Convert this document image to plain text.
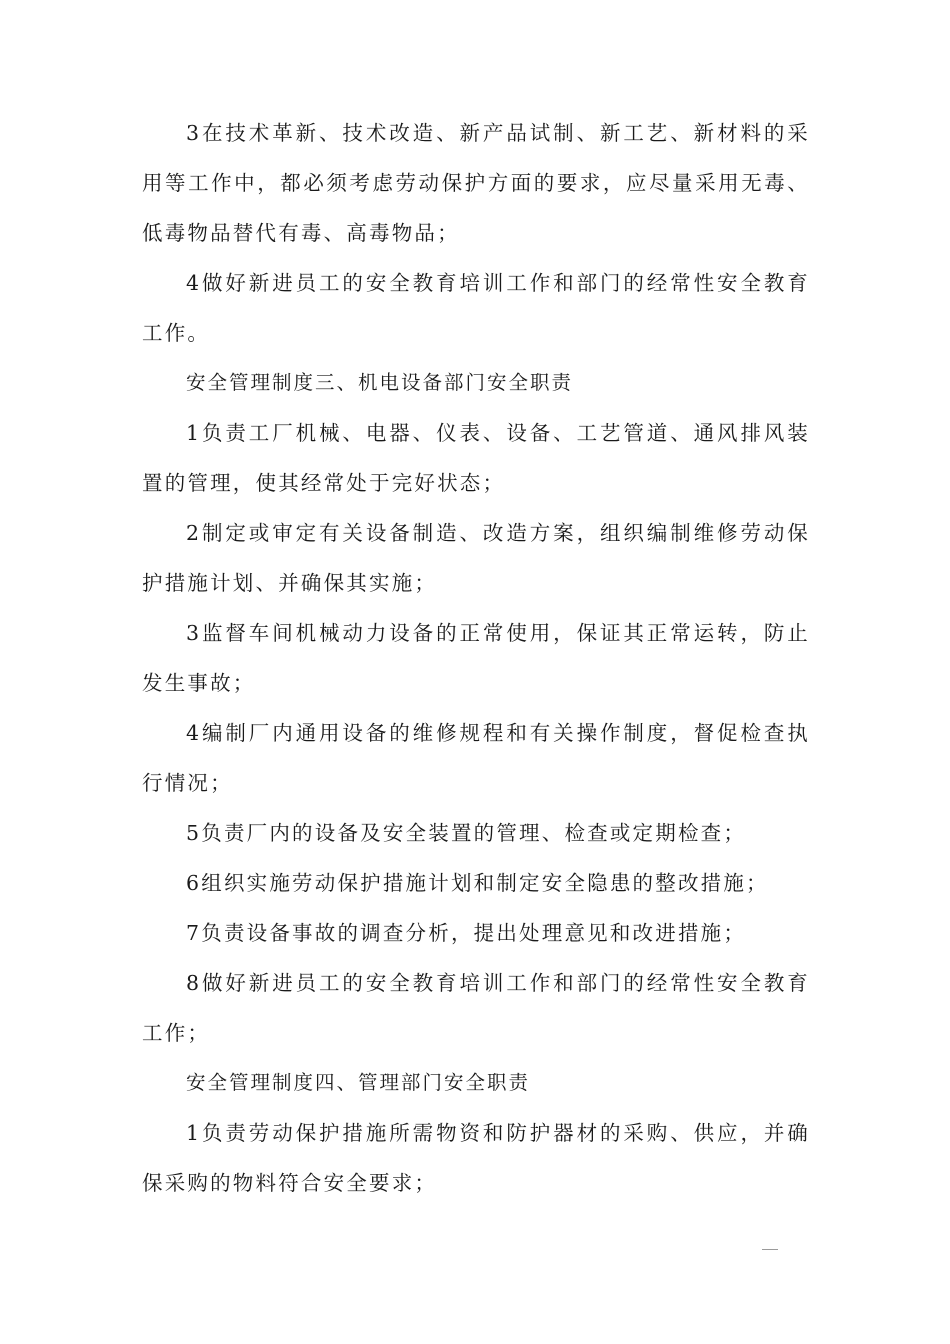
3在技术革新、技术改造、新产品试制、新工艺、新材料的采用等工作中，都必须考虑劳动保护方面的要求，应尽量采用无毒、低毒物品替代有毒、高毒物品；

4做好新进员工的安全教育培训工作和部门的经常性安全教育工作。

安全管理制度三、机电设备部门安全职责

1负责工厂机械、电器、仪表、设备、工艺管道、通风排风装置的管理，使其经常处于完好状态；

2制定或审定有关设备制造、改造方案，组织编制维修劳动保护措施计划、并确保其实施；

3监督车间机械动力设备的正常使用，保证其正常运转，防止发生事故；

4编制厂内通用设备的维修规程和有关操作制度，督促检查执行情况；

5负责厂内的设备及安全装置的管理、检查或定期检查；

6组织实施劳动保护措施计划和制定安全隐患的整改措施；

7负责设备事故的调查分析，提出处理意见和改进措施；

8做好新进员工的安全教育培训工作和部门的经常性安全教育工作；

安全管理制度四、管理部门安全职责

1负责劳动保护措施所需物资和防护器材的采购、供应，并确保采购的物料符合安全要求；
